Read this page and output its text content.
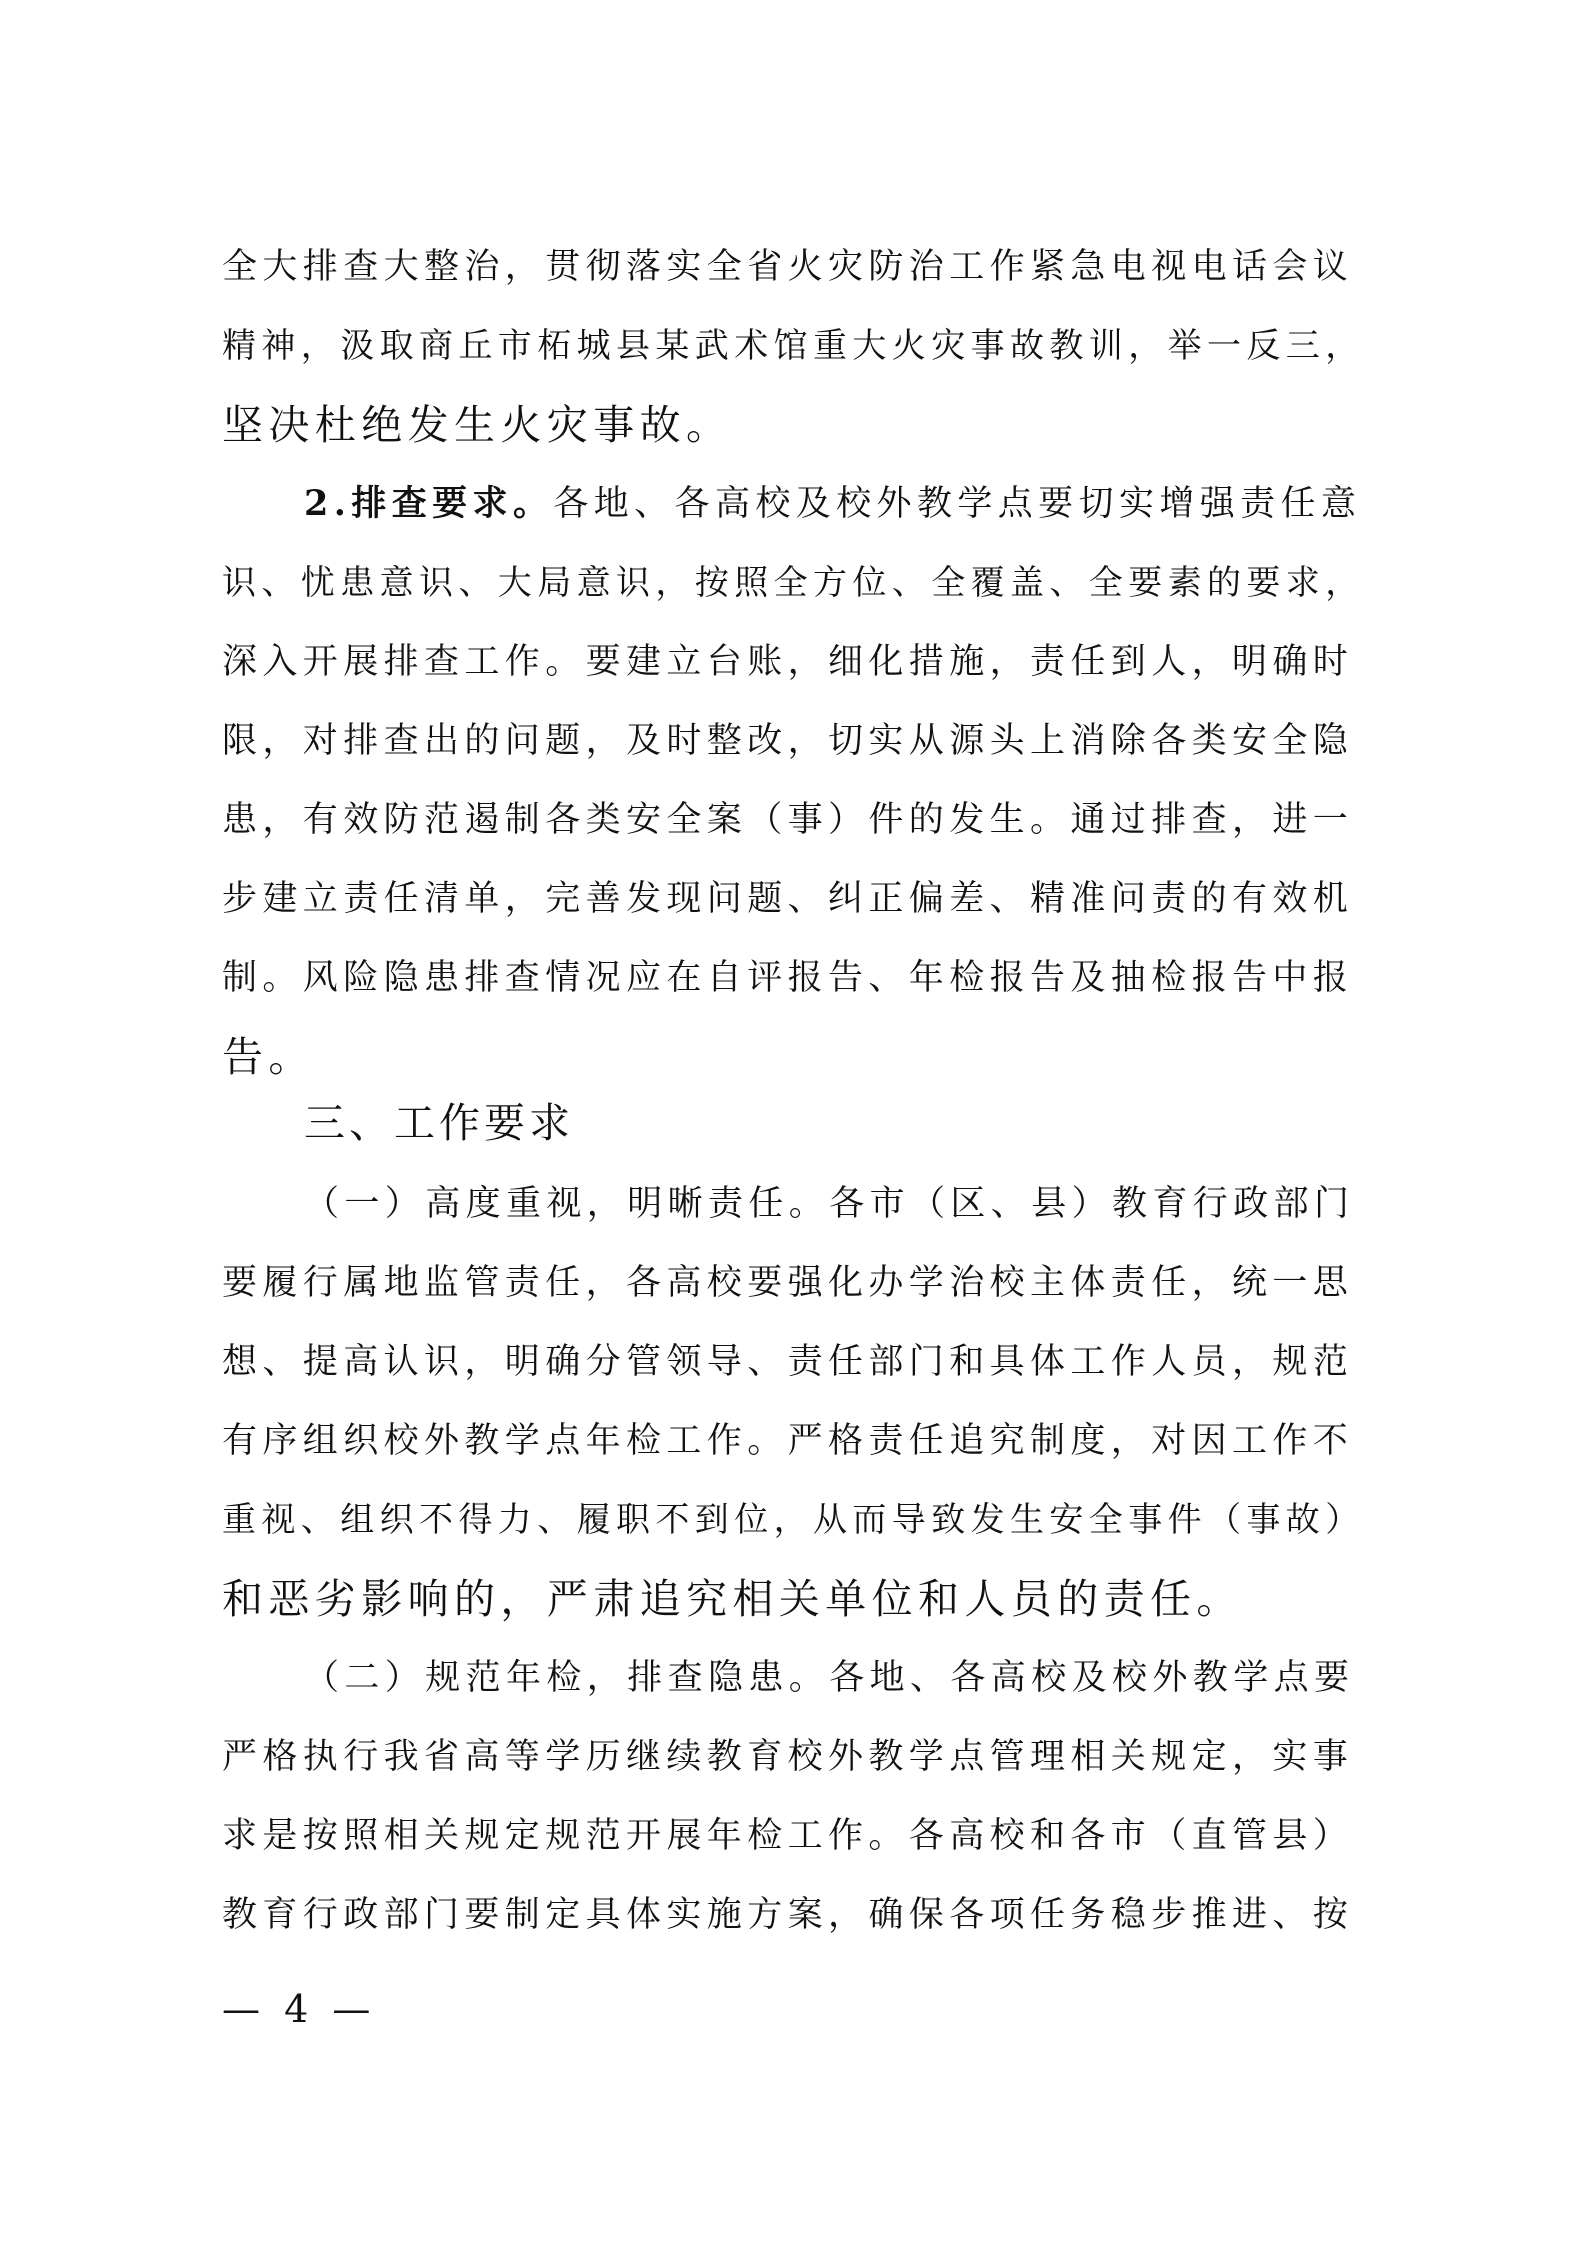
全大排查大整治，贯彻落实全省火灾防治工作紧急电视电话会议
精神，汲取商丘市柘城县某武术馆重大火灾事故教训，举一反三，
坚决杜绝发生火灾事故。
2.排查要求。各地、各高校及校外教学点要切实增强责任意
识、忧患意识、大局意识，按照全方位、全覆盖、全要素的要求，
深入开展排查工作。要建立台账，细化措施，责任到人，明确时
限，对排查出的问题，及时整改，切实从源头上消除各类安全隐
患，有效防范遏制各类安全案（事）件的发生。通过排查，进一
步建立责任清单，完善发现问题、纠正偏差、精准问责的有效机
制。风险隐患排查情况应在自评报告、年检报告及抽检报告中报
告。
三、工作要求
（一）高度重视，明晰责任。各市（区、县）教育行政部门
要履行属地监管责任，各高校要强化办学治校主体责任，统一思
想、提高认识，明确分管领导、责任部门和具体工作人员，规范
有序组织校外教学点年检工作。严格责任追究制度，对因工作不
重视、组织不得力、履职不到位，从而导致发生安全事件（事故）
和恶劣影响的，严肃追究相关单位和人员的责任。
（二）规范年检，排查隐患。各地、各高校及校外教学点要
严格执行我省高等学历继续教育校外教学点管理相关规定，实事
求是按照相关规定规范开展年检工作。各高校和各市（直管县）
教育行政部门要制定具体实施方案，确保各项任务稳步推进、按
— 4 —
